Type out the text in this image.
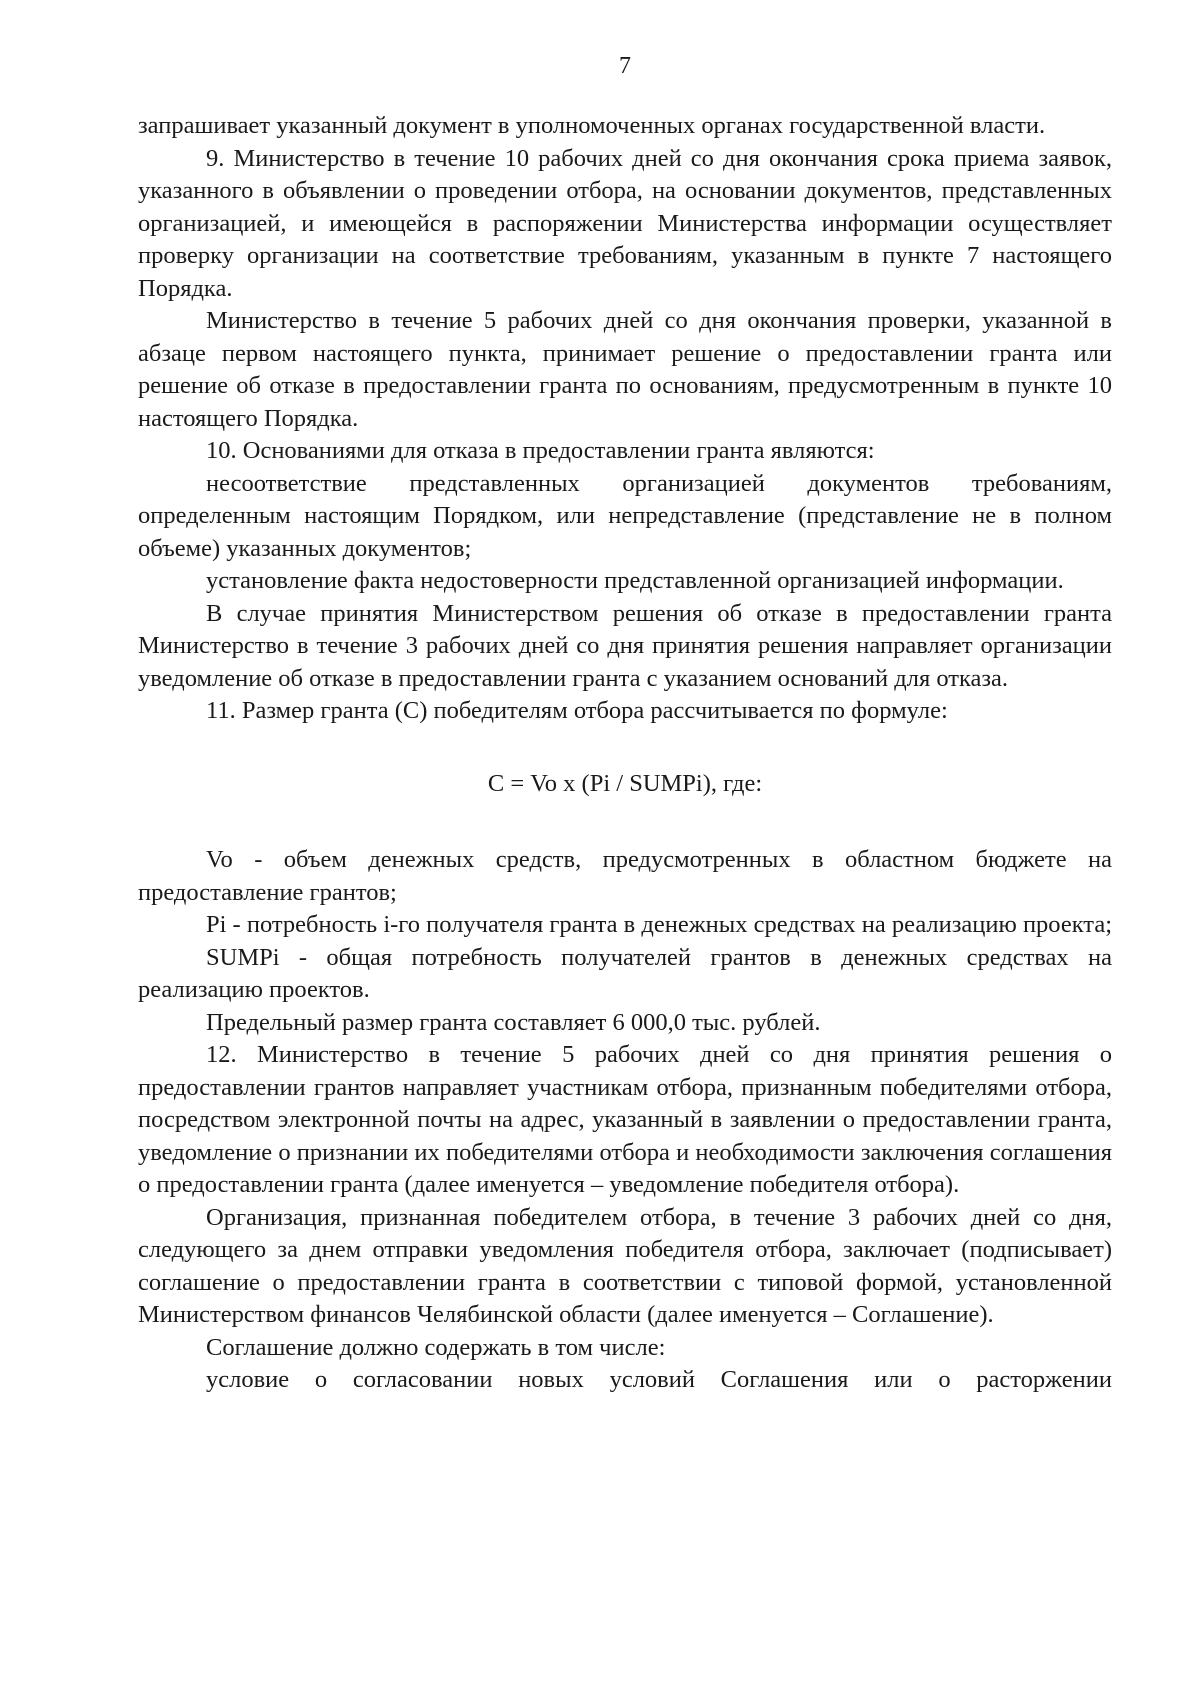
7

запрашивает указанный документ в уполномоченных органах государственной власти.

9. Министерство в течение 10 рабочих дней со дня окончания срока приема заявок, указанного в объявлении о проведении отбора, на основании документов, представленных организацией, и имеющейся в распоряжении Министерства информации осуществляет проверку организации на соответствие требованиям, указанным в пункте 7 настоящего Порядка.

Министерство в течение 5 рабочих дней со дня окончания проверки, указанной в абзаце первом настоящего пункта, принимает решение о предоставлении гранта или решение об отказе в предоставлении гранта по основаниям, предусмотренным в пункте 10 настоящего Порядка.

10. Основаниями для отказа в предоставлении гранта являются:

несоответствие представленных организацией документов требованиям, определенным настоящим Порядком, или непредставление (представление не в полном объеме) указанных документов;

установление факта недостоверности представленной организацией информации.

В случае принятия Министерством решения об отказе в предоставлении гранта Министерство в течение 3 рабочих дней со дня принятия решения направляет организации уведомление об отказе в предоставлении гранта с указанием оснований для отказа.

11. Размер гранта (С) победителям отбора рассчитывается по формуле:

С = Vo x (Pi / SUMPi), где:

Vo - объем денежных средств, предусмотренных в областном бюджете на предоставление грантов;

Pi - потребность i-го получателя гранта в денежных средствах на реализацию проекта;

SUMPi - общая потребность получателей грантов в денежных средствах на реализацию проектов.

Предельный размер гранта составляет 6 000,0 тыс. рублей.

12. Министерство в течение 5 рабочих дней со дня принятия решения о предоставлении грантов направляет участникам отбора, признанным победителями отбора, посредством электронной почты на адрес, указанный в заявлении о предоставлении гранта, уведомление о признании их победителями отбора и необходимости заключения соглашения о предоставлении гранта (далее именуется – уведомление победителя отбора).

Организация, признанная победителем отбора, в течение 3 рабочих дней со дня, следующего за днем отправки уведомления победителя отбора, заключает (подписывает) соглашение о предоставлении гранта в соответствии с типовой формой, установленной Министерством финансов Челябинской области (далее именуется – Соглашение).

Соглашение должно содержать в том числе:

условие о согласовании новых условий Соглашения или о расторжении
